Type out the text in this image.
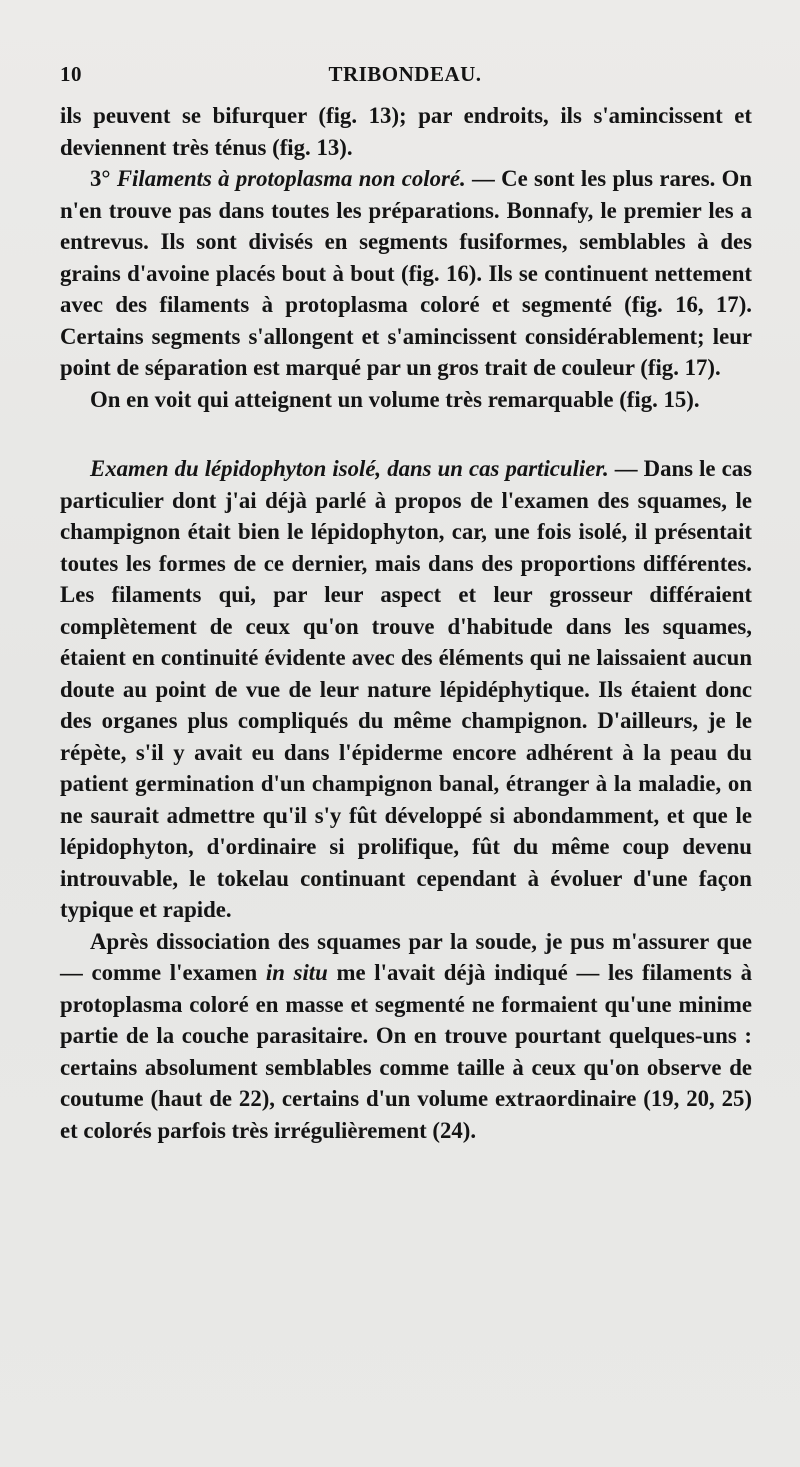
10	TRIBONDEAU.

ils peuvent se bifurquer (fig. 13); par endroits, ils s'amincissent et deviennent très ténus (fig. 13).

3° Filaments à protoplasma non coloré. — Ce sont les plus rares. On n'en trouve pas dans toutes les préparations. Bonnafy, le premier les a entrevus. Ils sont divisés en segments fusiformes, semblables à des grains d'avoine placés bout à bout (fig. 16). Ils se continuent nettement avec des filaments à protoplasma coloré et segmenté (fig. 16, 17). Certains segments s'allongent et s'amincissent considérablement; leur point de séparation est marqué par un gros trait de couleur (fig. 17).

On en voit qui atteignent un volume très remarquable (fig. 15).

Examen du lépidophyton isolé, dans un cas particulier. — Dans le cas particulier dont j'ai déjà parlé à propos de l'examen des squames, le champignon était bien le lépidophyton, car, une fois isolé, il présentait toutes les formes de ce dernier, mais dans des proportions différentes. Les filaments qui, par leur aspect et leur grosseur différaient complètement de ceux qu'on trouve d'habitude dans les squames, étaient en continuité évidente avec des éléments qui ne laissaient aucun doute au point de vue de leur nature lépidéphytique. Ils étaient donc des organes plus compliqués du même champignon. D'ailleurs, je le répète, s'il y avait eu dans l'épiderme encore adhérent à la peau du patient germination d'un champignon banal, étranger à la maladie, on ne saurait admettre qu'il s'y fût développé si abondamment, et que le lépidophyton, d'ordinaire si prolifique, fût du même coup devenu introuvable, le tokelau continuant cependant à évoluer d'une façon typique et rapide.

Après dissociation des squames par la soude, je pus m'assurer que — comme l'examen in situ me l'avait déjà indiqué — les filaments à protoplasma coloré en masse et segmenté ne formaient qu'une minime partie de la couche parasitaire. On en trouve pourtant quelques-uns : certains absolument semblables comme taille à ceux qu'on observe de coutume (haut de 22), certains d'un volume extraordinaire (19, 20, 25) et colorés parfois très irrégulièrement (24).
